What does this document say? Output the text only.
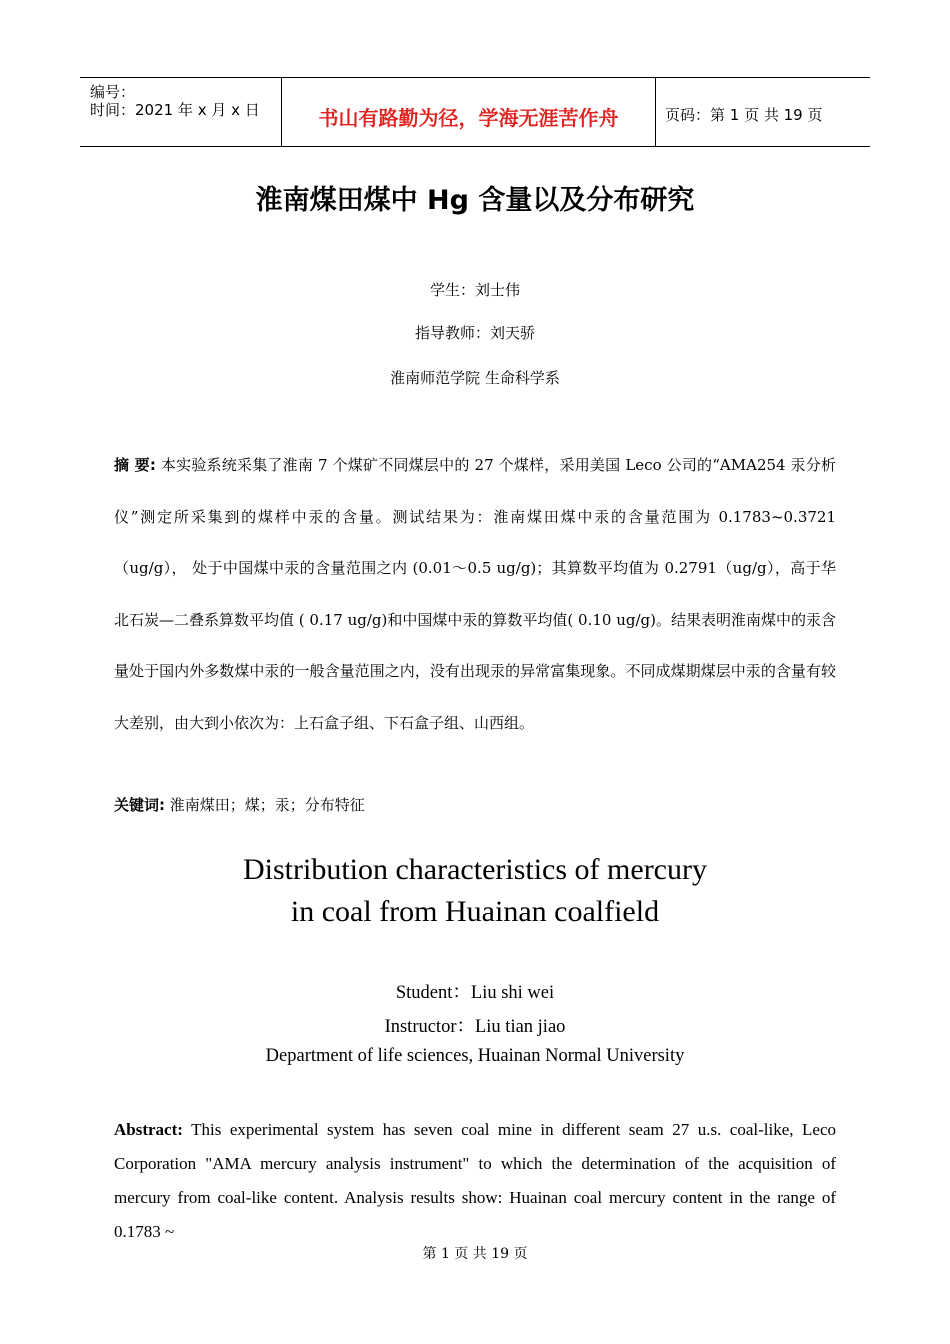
编号：
时间：2021 年 x 月 x 日	书山有路勤为径，学海无涯苦作舟	页码：第 1 页 共 19 页
淮南煤田煤中 Hg 含量以及分布研究
学生：刘士伟
指导教师：刘天骄
淮南师范学院 生命科学系
摘 要: 本实验系统采集了淮南 7 个煤矿不同煤层中的 27 个煤样，采用美国 Leco 公司的“AMA254 汞分析仪”测定所采集到的煤样中汞的含量。测试结果为：淮南煤田煤中汞的含量范围为 0.1783~0.3721（ug/g）， 处于中国煤中汞的含量范围之内 (0.01～0.5 ug/g)；其算数平均值为 0.2791（ug/g），高于华北石炭—二叠系算数平均值 ( 0.17 ug/g)和中国煤中汞的算数平均值( 0.10 ug/g)。结果表明淮南煤中的汞含量处于国内外多数煤中汞的一般含量范围之内，没有出现汞的异常富集现象。不同成煤期煤层中汞的含量有较大差别，由大到小依次为：上石盒子组、下石盒子组、山西组。
关键词: 淮南煤田；煤；汞；分布特征
Distribution characteristics of mercury
in coal from Huainan coalfield
Student：Liu shi wei
Instructor：Liu tian jiao
Department of life sciences, Huainan Normal University
Abstract: This experimental system has seven coal mine in different seam 27 u.s. coal-like, Leco Corporation "AMA mercury analysis instrument" to which the determination of the acquisition of mercury from coal-like content. Analysis results show: Huainan coal mercury content in the range of 0.1783 ~
第 1 页 共 19 页
